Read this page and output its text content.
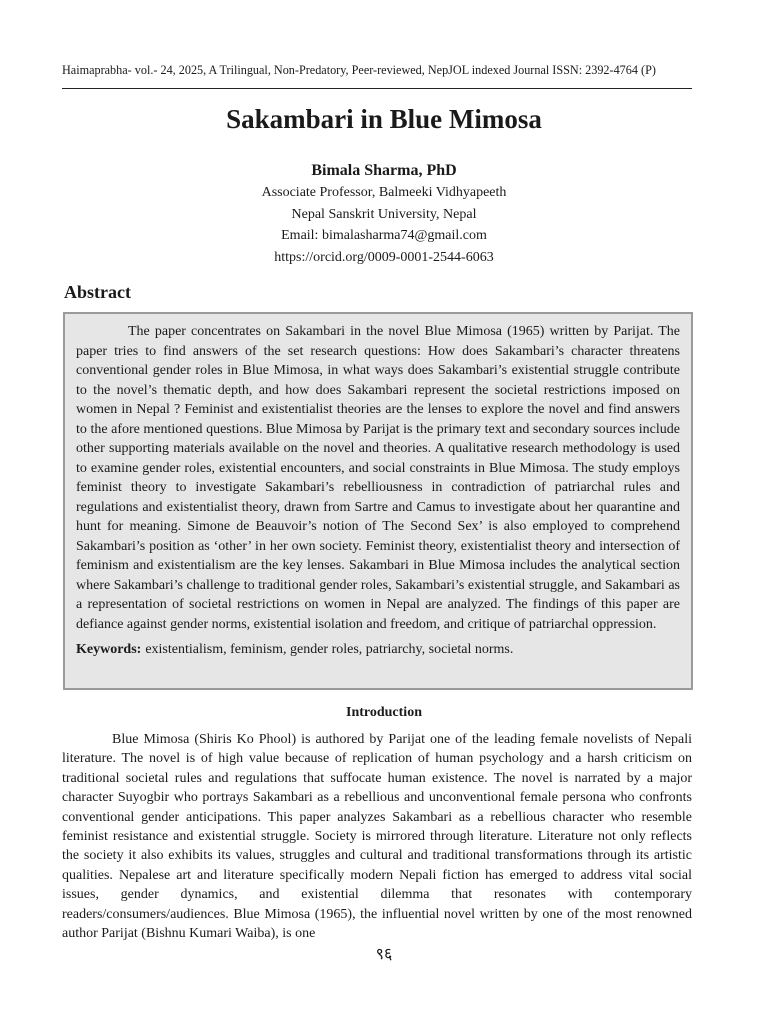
Haimaprabha- vol.- 24, 2025, A Trilingual, Non-Predatory, Peer-reviewed, NepJOL indexed Journal ISSN: 2392-4764 (P)
Sakambari in Blue Mimosa
Bimala Sharma, PhD
Associate Professor, Balmeeki Vidhyapeeth
Nepal Sanskrit University, Nepal
Email: bimalasharma74@gmail.com
https://orcid.org/0009-0001-2544-6063
Abstract

The paper concentrates on Sakambari in the novel Blue Mimosa (1965) written by Parijat. The paper tries to find answers of the set research questions: How does Sakambari’s character threatens conventional gender roles in Blue Mimosa, in what ways does Sakambari’s existential struggle contribute to the novel’s thematic depth, and how does Sakambari represent the societal restrictions imposed on women in Nepal ? Feminist and existentialist theories are the lenses to explore the novel and find answers to the afore mentioned questions. Blue Mimosa by Parijat is the primary text and secondary sources include other supporting materials available on the novel and theories. A qualitative research methodology is used to examine gender roles, existential encounters, and social constraints in Blue Mimosa. The study employs feminist theory to investigate Sakambari’s rebelliousness in contradiction of patriarchal rules and regulations and existentialist theory, drawn from Sartre and Camus to investigate about her quarantine and hunt for meaning. Simone de Beauvoir’s notion of The Second Sex’ is also employed to comprehend Sakambari’s position as ‘other’ in her own society. Feminist theory, existentialist theory and intersection of feminism and existentialism are the key lenses. Sakambari in Blue Mimosa includes the analytical section where Sakambari’s challenge to traditional gender roles, Sakambari’s existential struggle, and Sakambari as a representation of societal restrictions on women in Nepal are analyzed. The findings of this paper are defiance against gender norms, existential isolation and freedom, and critique of patriarchal oppression.

Keywords: existentialism, feminism, gender roles, patriarchy, societal norms.
Introduction

Blue Mimosa (Shiris Ko Phool) is authored by Parijat one of the leading female novelists of Nepali literature. The novel is of high value because of replication of human psychology and a harsh criticism on traditional societal rules and regulations that suffocate human existence. The novel is narrated by a major character Suyogbir who portrays Sakambari as a rebellious and unconventional female persona who confronts conventional gender anticipations. This paper analyzes Sakambari as a rebellious character who resemble feminist resistance and existential struggle. Society is mirrored through literature. Literature not only reflects the society it also exhibits its values, struggles and cultural and traditional transformations through its artistic qualities. Nepalese art and literature specifically modern Nepali fiction has emerged to address vital social issues, gender dynamics, and existential dilemma that resonates with contemporary readers/consumers/audiences. Blue Mimosa (1965), the influential novel written by one of the most renowned author Parijat (Bishnu Kumari Waiba), is one

९६
